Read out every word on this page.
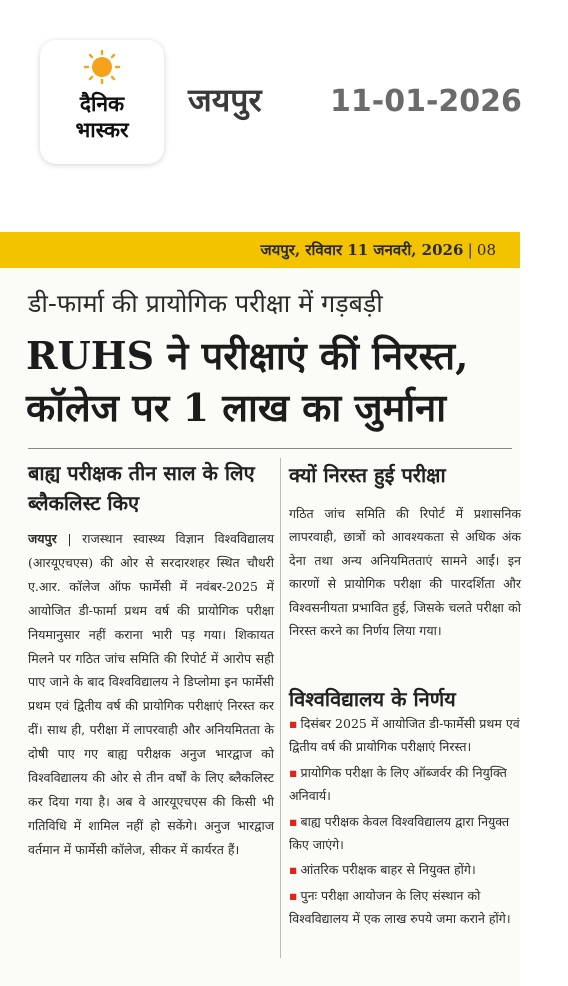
दैनिक
भास्कर
जयपुर 11-01-2026
जयपुर, रविवार 11 जनवरी, 2026 | 08
डी-फार्मा की प्रायोगिक परीक्षा में गड़बड़ी
RUHS ने परीक्षाएं कीं निरस्त,
कॉलेज पर 1 लाख का जुर्माना
बाह्य परीक्षक तीन साल के लिए ब्लैकलिस्ट किए
जयपुर | राजस्थान स्वास्थ्य विज्ञान विश्वविद्यालय (आरयूएचएस) की ओर से सरदारशहर स्थित चौधरी ए.आर. कॉलेज ऑफ फार्मेसी में नवंबर-2025 में आयोजित डी-फार्मा प्रथम वर्ष की प्रायोगिक परीक्षा नियमानुसार नहीं कराना भारी पड़ गया। शिकायत मिलने पर गठित जांच समिति की रिपोर्ट में आरोप सही पाए जाने के बाद विश्वविद्यालय ने डिप्लोमा इन फार्मेसी प्रथम एवं द्वितीय वर्ष की प्रायोगिक परीक्षाएं निरस्त कर दीं। साथ ही, परीक्षा में लापरवाही और अनियमितता के दोषी पाए गए बाह्य परीक्षक अनुज भारद्वाज को विश्वविद्यालय की ओर से तीन वर्षों के लिए ब्लैकलिस्ट कर दिया गया है। अब वे आरयूएचएस की किसी भी गतिविधि में शामिल नहीं हो सकेंगे। अनुज भारद्वाज वर्तमान में फार्मेसी कॉलेज, सीकर में कार्यरत हैं।
क्यों निरस्त हुई परीक्षा
गठित जांच समिति की रिपोर्ट में प्रशासनिक लापरवाही, छात्रों को आवश्यकता से अधिक अंक देना तथा अन्य अनियमितताएं सामने आईं। इन कारणों से प्रायोगिक परीक्षा की पारदर्शिता और विश्वसनीयता प्रभावित हुई, जिसके चलते परीक्षा को निरस्त करने का निर्णय लिया गया।
विश्वविद्यालय के निर्णय
▪ दिसंबर 2025 में आयोजित डी-फार्मेसी प्रथम एवं द्वितीय वर्ष की प्रायोगिक परीक्षाएं निरस्त।
▪ प्रायोगिक परीक्षा के लिए ऑब्जर्वर की नियुक्ति अनिवार्य।
▪ बाह्य परीक्षक केवल विश्वविद्यालय द्वारा नियुक्त किए जाएंगे।
▪ आंतरिक परीक्षक बाहर से नियुक्त होंगे।
▪ पुनः परीक्षा आयोजन के लिए संस्थान को विश्वविद्यालय में एक लाख रुपये जमा कराने होंगे।
